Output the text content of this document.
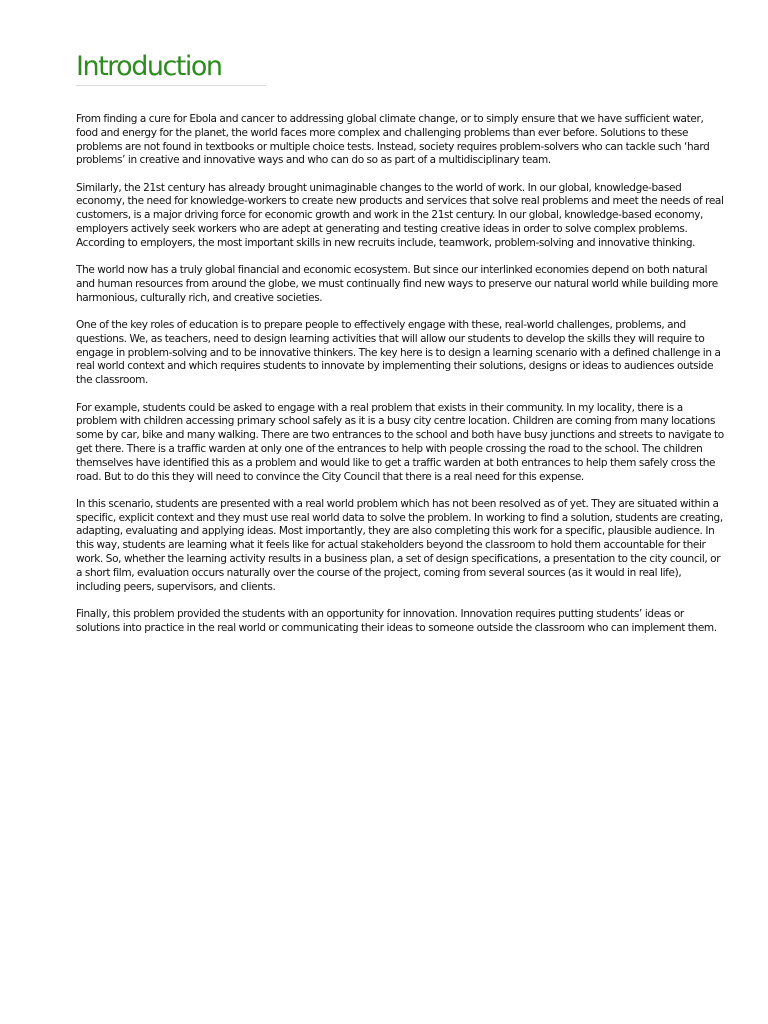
Introduction

From finding a cure for Ebola and cancer to addressing global climate change, or to simply ensure that we have sufficient water, food and energy for the planet, the world faces more complex and challenging problems than ever before. Solutions to these problems are not found in textbooks or multiple choice tests. Instead, society requires problem-solvers who can tackle such ‘hard problems’ in creative and innovative ways and who can do so as part of a multidisciplinary team.

Similarly, the 21st century has already brought unimaginable changes to the world of work. In our global, knowledge-based economy, the need for knowledge-workers to create new products and services that solve real problems and meet the needs of real customers, is a major driving force for economic growth and work in the 21st century. In our global, knowledge-based economy, employers actively seek workers who are adept at generating and testing creative ideas in order to solve complex problems. According to employers, the most important skills in new recruits include, teamwork, problem-solving and innovative thinking.

The world now has a truly global financial and economic ecosystem. But since our interlinked economies depend on both natural and human resources from around the globe, we must continually find new ways to preserve our natural world while building more harmonious, culturally rich, and creative societies.

One of the key roles of education is to prepare people to effectively engage with these, real-world challenges, problems, and questions. We, as teachers, need to design learning activities that will allow our students to develop the skills they will require to engage in problem-solving and to be innovative thinkers. The key here is to design a learning scenario with a defined challenge in a real world context and which requires students to innovate by implementing their solutions, designs or ideas to audiences outside the classroom.

For example, students could be asked to engage with a real problem that exists in their community. In my locality, there is a problem with children accessing primary school safely as it is a busy city centre location. Children are coming from many locations some by car, bike and many walking. There are two entrances to the school and both have busy junctions and streets to navigate to get there. There is a traffic warden at only one of the entrances to help with people crossing the road to the school. The children themselves have identified this as a problem and would like to get a traffic warden at both entrances to help them safely cross the road. But to do this they will need to convince the City Council that there is a real need for this expense.

In this scenario, students are presented with a real world problem which has not been resolved as of yet. They are situated within a specific, explicit context and they must use real world data to solve the problem. In working to find a solution, students are creating, adapting, evaluating and applying ideas. Most importantly, they are also completing this work for a specific, plausible audience. In this way, students are learning what it feels like for actual stakeholders beyond the classroom to hold them accountable for their work. So, whether the learning activity results in a business plan, a set of design specifications, a presentation to the city council, or a short film, evaluation occurs naturally over the course of the project, coming from several sources (as it would in real life), including peers, supervisors, and clients.

Finally, this problem provided the students with an opportunity for innovation. Innovation requires putting students’ ideas or solutions into practice in the real world or communicating their ideas to someone outside the classroom who can implement them.
